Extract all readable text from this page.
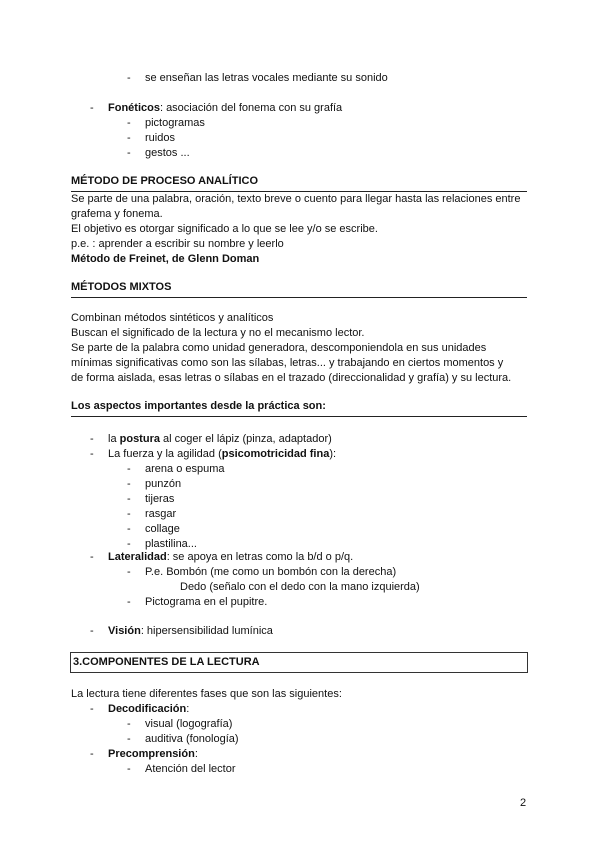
3.COMPONENTES DE LA LECTURA
2
- se enseñan las letras vocales mediante su sonido
- Fonéticos: asociación del fonema con su grafía
- pictogramas
- ruidos
- gestos ...
MÉTODO DE PROCESO ANALÍTICO
Se parte de una palabra, oración, texto breve o cuento para llegar hasta las relaciones entre
grafema y fonema.
El objetivo es otorgar significado a lo que se lee y/o se escribe.
p.e. : aprender a escribir su nombre y leerlo
Método de Freinet, de Glenn Doman
MÉTODOS MIXTOS
Combinan métodos sintéticos y analíticos
Buscan el significado de la lectura y no el mecanismo lector.
Se parte de la palabra como unidad generadora, descomponiendola en sus unidades
mínimas significativas como son las sílabas, letras... y trabajando en ciertos momentos y
de forma aislada, esas letras o sílabas en el trazado (direccionalidad y grafía) y su lectura.
Los aspectos importantes desde la práctica son:
- la postura al coger el lápiz (pinza, adaptador)
- La fuerza y la agilidad (psicomotricidad fina):
- arena o espuma
- punzón
- tijeras
- rasgar
- collage
- plastilina...
- Lateralidad: se apoya en letras como la b/d o p/q.
- P.e. Bombón (me como un bombón con la derecha)
Dedo (señalo con el dedo con la mano izquierda)
- Pictograma en el pupitre.
- Visión: hipersensibilidad lumínica
La lectura tiene diferentes fases que son las siguientes:
- Decodificación:
- visual (logografía)
- auditiva (fonología)
- Precomprensión:
- Atención del lector
